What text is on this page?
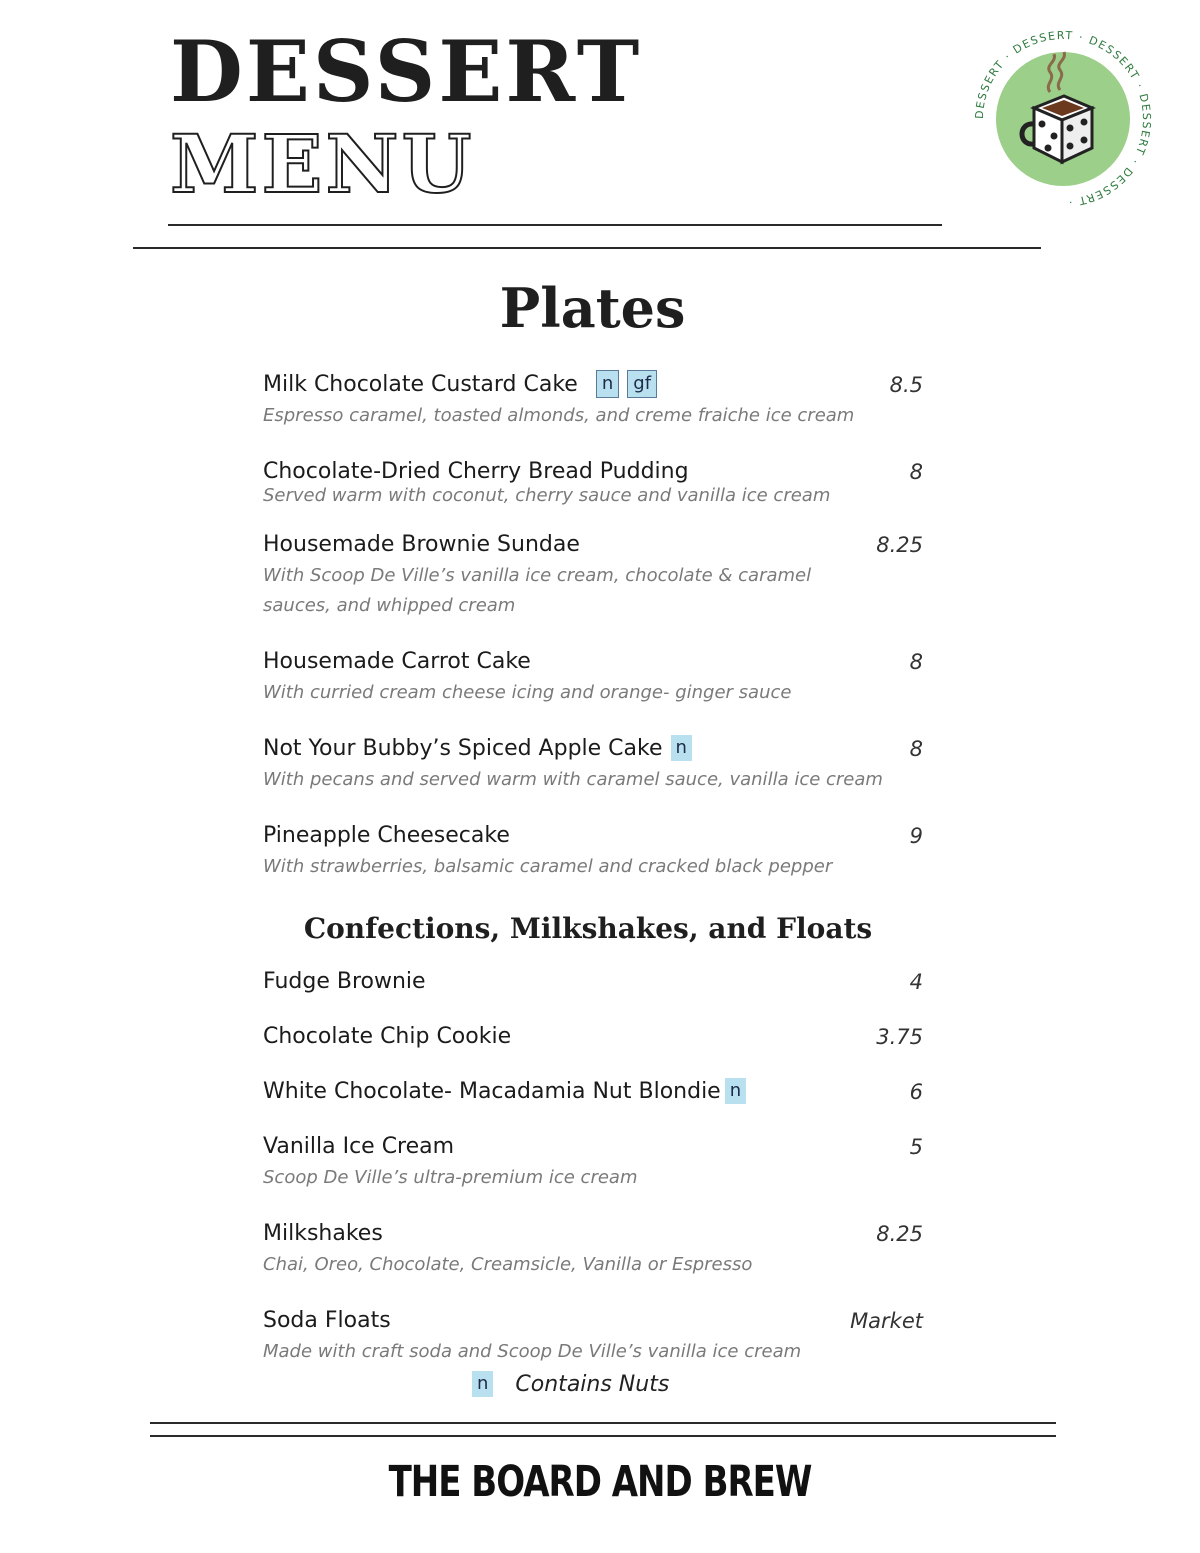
DESSERT
MENU
DESSERT · DESSERT · DESSERT · DESSERT · DESSERT ·
Plates
Milk Chocolate Custard Cake n gf	8.5
Espresso caramel, toasted almonds, and creme fraiche ice cream
Chocolate-Dried Cherry Bread Pudding	8
Served warm with coconut, cherry sauce and vanilla ice cream
Housemade Brownie Sundae	8.25
With Scoop De Ville’s vanilla ice cream, chocolate & caramel sauces, and whipped cream
Housemade Carrot Cake	8
With curried cream cheese icing and orange- ginger sauce
Not Your Bubby’s Spiced Apple Cake n	8
With pecans and served warm with caramel sauce, vanilla ice cream
Pineapple Cheesecake	9
With strawberries, balsamic caramel and cracked black pepper
Confections, Milkshakes, and Floats
Fudge Brownie	4
Chocolate Chip Cookie	3.75
White Chocolate- Macadamia Nut Blondie n	6
Vanilla Ice Cream	5
Scoop De Ville’s ultra-premium ice cream
Milkshakes	8.25
Chai, Oreo, Chocolate, Creamsicle, Vanilla or Espresso
Soda Floats	Market
Made with craft soda and Scoop De Ville’s vanilla ice cream
n Contains Nuts
THE BOARD AND BREW
